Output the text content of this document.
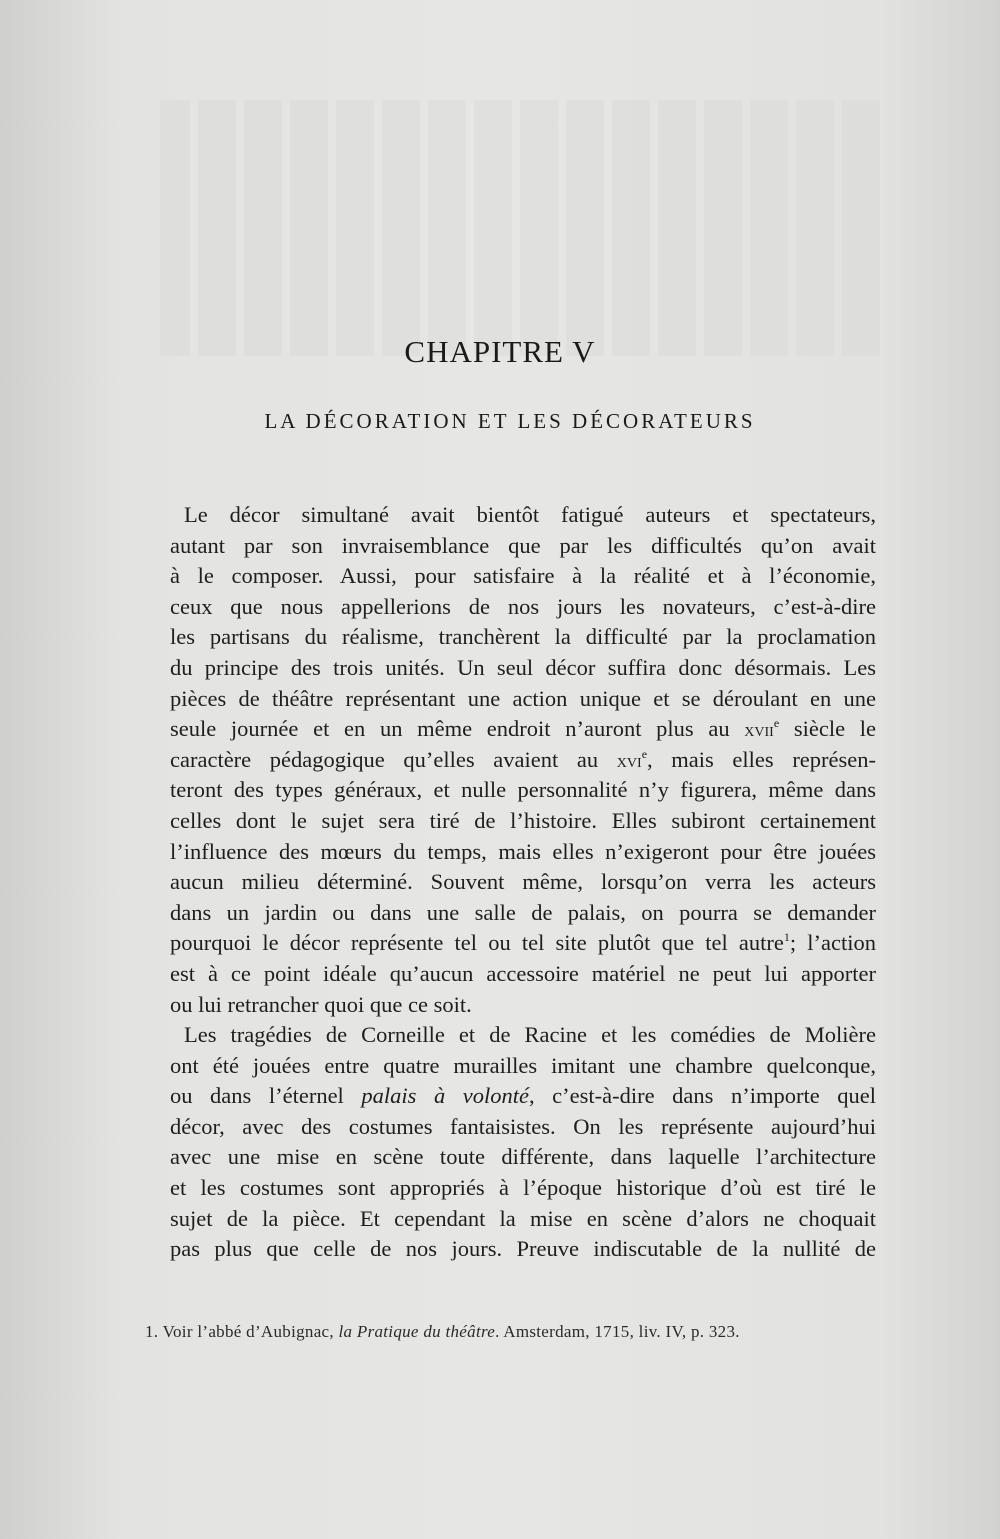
CHAPITRE V
LA DÉCORATION ET LES DÉCORATEURS
Le décor simultané avait bientôt fatigué auteurs et spectateurs,
autant par son invraisemblance que par les difficultés qu’on avait
à le composer. Aussi, pour satisfaire à la réalité et à l’économie,
ceux que nous appellerions de nos jours les novateurs, c’est-à-dire
les partisans du réalisme, tranchèrent la difficulté par la proclamation
du principe des trois unités. Un seul décor suffira donc désormais. Les
pièces de théâtre représentant une action unique et se déroulant en une
seule journée et en un même endroit n’auront plus au xvii$^e$ siècle le
caractère pédagogique qu’elles avaient au xvi$^e$, mais elles représen-
teront des types généraux, et nulle personnalité n’y figurera, même dans
celles dont le sujet sera tiré de l’histoire. Elles subiront certainement
l’influence des mœurs du temps, mais elles n’exigeront pour être jouées
aucun milieu déterminé. Souvent même, lorsqu’on verra les acteurs
dans un jardin ou dans une salle de palais, on pourra se demander
pourquoi le décor représente tel ou tel site plutôt que tel autre$^1$; l’action
est à ce point idéale qu’aucun accessoire matériel ne peut lui apporter
ou lui retrancher quoi que ce soit.
Les tragédies de Corneille et de Racine et les comédies de Molière
ont été jouées entre quatre murailles imitant une chambre quelconque,
ou dans l’éternel palais à volonté, c’est-à-dire dans n’importe quel
décor, avec des costumes fantaisistes. On les représente aujourd’hui
avec une mise en scène toute différente, dans laquelle l’architecture
et les costumes sont appropriés à l’époque historique d’où est tiré le
sujet de la pièce. Et cependant la mise en scène d’alors ne choquait
pas plus que celle de nos jours. Preuve indiscutable de la nullité de
1. Voir l’abbé d’Aubignac, la Pratique du théâtre. Amsterdam, 1715, liv. IV, p. 323.
